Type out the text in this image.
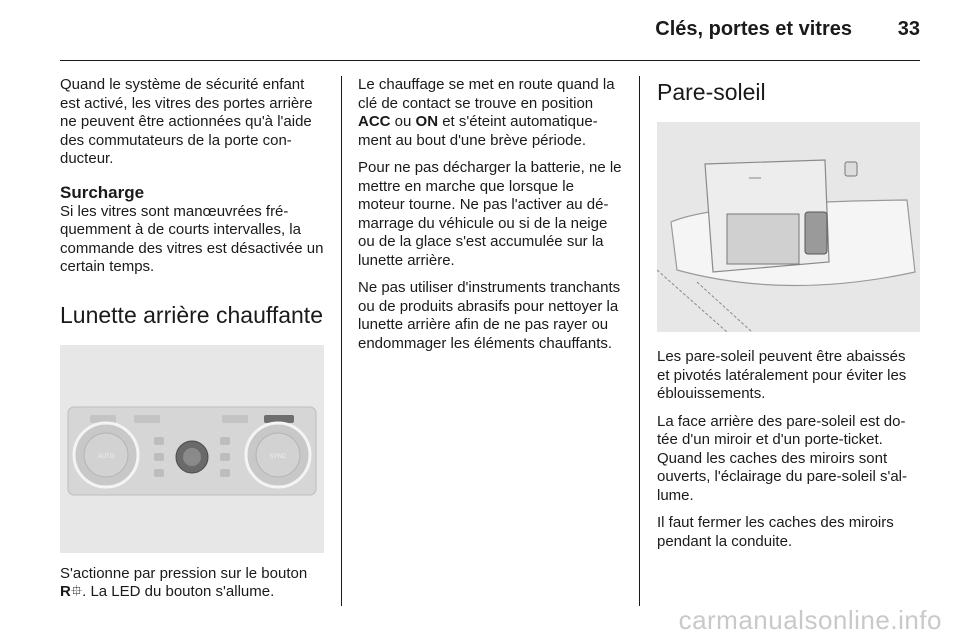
Clés, portes et vitres 33

Quand le système de sécurité enfant est activé, les vitres des portes arrière ne peuvent être actionnées qu'à l'aide des commutateurs de la porte conducteur.

Surcharge

Si les vitres sont manœuvrées fréquemment à de courts intervalles, la commande des vitres est désactivée un certain temps.

Lunette arrière chauffante
AUTO	SYNC

S'actionne par pression sur le bouton R⯐. La LED du bouton s'allume.

Le chauffage se met en route quand la clé de contact se trouve en position ACC ou ON et s'éteint automatiquement au bout d'une brève période.

Pour ne pas décharger la batterie, ne le mettre en marche que lorsque le moteur tourne. Ne pas l'activer au démarrage du véhicule ou si de la neige ou de la glace s'est accumulée sur la lunette arrière.

Ne pas utiliser d'instruments tranchants ou de produits abrasifs pour nettoyer la lunette arrière afin de ne pas rayer ou endommager les éléments chauffants.

Pare-soleil

Les pare-soleil peuvent être abaissés et pivotés latéralement pour éviter les éblouissements.

La face arrière des pare-soleil est dotée d'un miroir et d'un porte-ticket. Quand les caches des miroirs sont ouverts, l'éclairage du pare-soleil s'allume.

Il faut fermer les caches des miroirs pendant la conduite.

carmanualsonline.info
